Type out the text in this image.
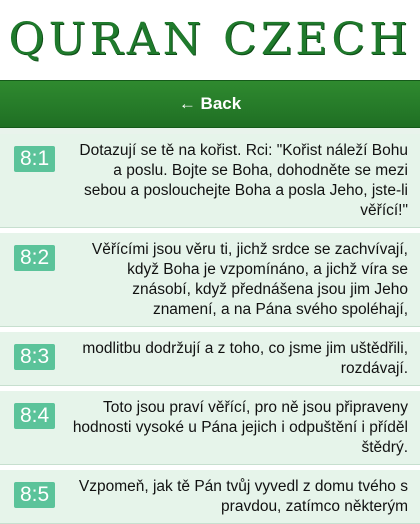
QURAN CZECH
← Back
8:1	Dotazují se tě na kořist. Rci: "Kořist náleží Bohu a poslu. Bojte se Boha, dohodněte se mezi sebou a poslouchejte Boha a posla Jeho, jste-li věřící!"
8:2	Věřícími jsou věru ti, jichž srdce se zachvívají, když Boha je vzpomínáno, a jichž víra se znásobí, když přednášena jsou jim Jeho znamení, a na Pána svého spoléhají,
8:3	modlitbu dodržují a z toho, co jsme jim uštědřili, rozdávají.
8:4	Toto jsou praví věřící, pro ně jsou připraveny hodnosti vysoké u Pána jejich i odpuštění i příděl štědrý.
8:5	Vzpomeň, jak tě Pán tvůj vyvedl z domu tvého s pravdou, zatímco některým
